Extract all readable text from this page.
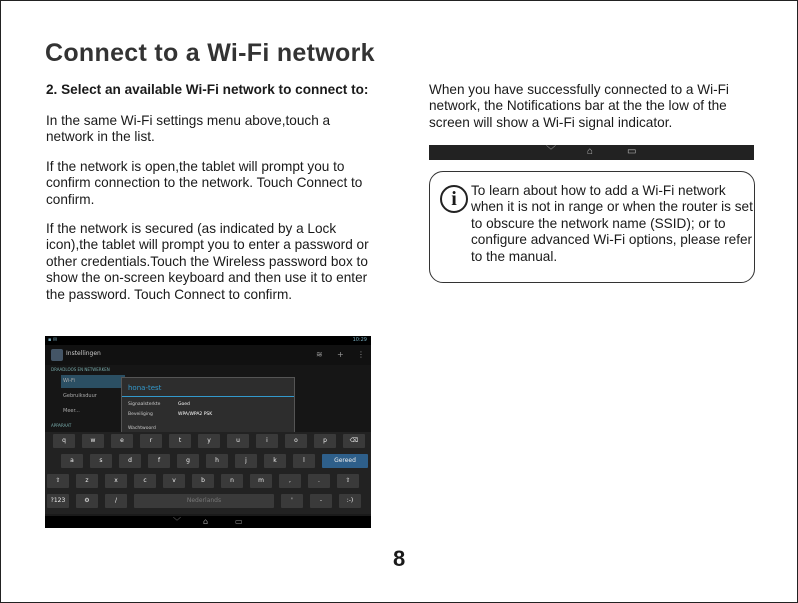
Connect to a Wi-Fi network
2. Select an available Wi-Fi network to connect to:
In the same Wi-Fi settings menu above,touch a network in the list.
If the network is open,the tablet will prompt you to confirm connection to the network. Touch Connect to confirm.
If the network is secured (as indicated by a Lock icon),the tablet will prompt you to enter a password or other credentials.Touch the Wireless password box to show the on-screen keyboard and then use it to enter the password. Touch Connect to confirm.
When you have successfully connected to a Wi-Fi network, the Notifications bar at the the low of the screen will show a Wi-Fi signal indicator.
﹀	⌂	▭
i	To learn about how to add a Wi-Fi network when it is not in range or when the router is set to obscure the network name (SSID); or to configure advanced Wi-Fi options, please refer to the manual.
▪ ✉	10:29
Instellingen	≋ + ⋮
DRAADLOOS EN NETWERKEN
Wi-Fi
Gebruiksduur
Meer...
APPARAAT
hona-test
Signaalsterkte	Goed
Beveiliging	WPA/WPA2 PSK
Wachtwoord
q	w	e	r	t	y	u	i	o	p	⌫
a	s	d	f	g	h	j	k	l	Gereed
⇧	z	x	c	v	b	n	m	,	.	⇧
?123	⚙	/	Nederlands	'	-	:-)
﹀	⌂	▭
8
